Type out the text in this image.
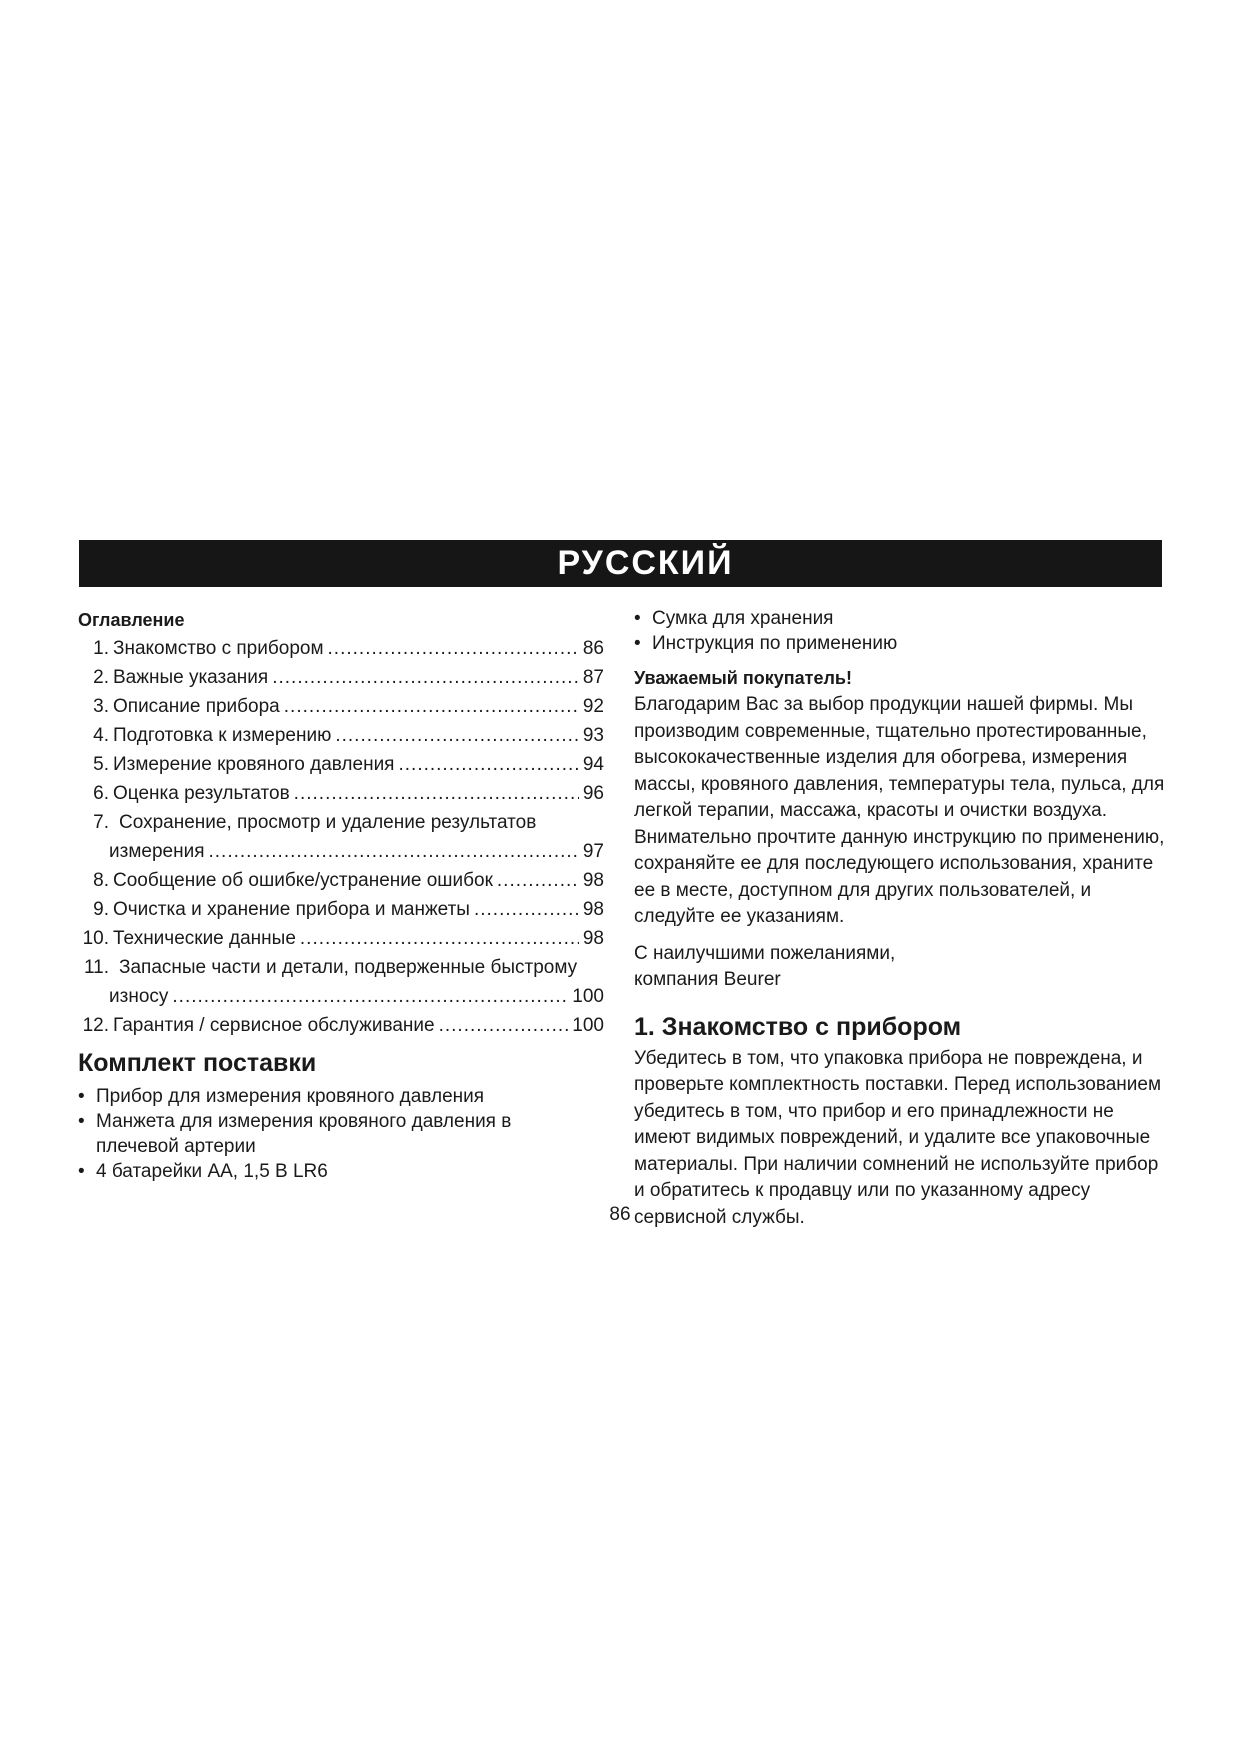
РУССКИЙ
Оглавление
1. Знакомство с прибором .....	86
2. Важные указания .....	87
3. Описание прибора .....	92
4. Подготовка к измерению .....	93
5. Измерение кровяного давления .....	94
6. Оценка результатов .....	96
7. Сохранение, просмотр и удаление результатов
измерения .....	97
8. Сообщение об ошибке/устранение ошибок .....	98
9. Очистка и хранение прибора и манжеты .....	98
10. Технические данные .....	98
11. Запасные части и детали, подверженные быстрому
износу .....	100
12. Гарантия / сервисное обслуживание .....	100
Комплект поставки
• Прибор для измерения кровяного давления
• Манжета для измерения кровяного давления в плечевой артерии
• 4 батарейки АА, 1,5 В LR6
• Сумка для хранения
• Инструкция по применению
Уважаемый покупатель!

Благодарим Вас за выбор продукции нашей фирмы. Мы производим современные, тщательно протестированные, высококачественные изделия для обогрева, измерения массы, кровяного давления, температуры тела, пульса, для легкой терапии, массажа, красоты и очистки воздуха. Внимательно прочтите данную инструкцию по применению, сохраняйте ее для последующего использования, храните ее в месте, доступном для других пользователей, и следуйте ее указаниям.

С наилучшими пожеланиями,

компания Beurer

1. Знакомство с прибором

Убедитесь в том, что упаковка прибора не повреждена, и проверьте комплектность поставки. Перед использованием убедитесь в том, что прибор и его принадлежности не имеют видимых повреждений, и удалите все упаковочные материалы. При наличии сомнений не используйте прибор и обратитесь к продавцу или по указанному адресу сервисной службы.

86
